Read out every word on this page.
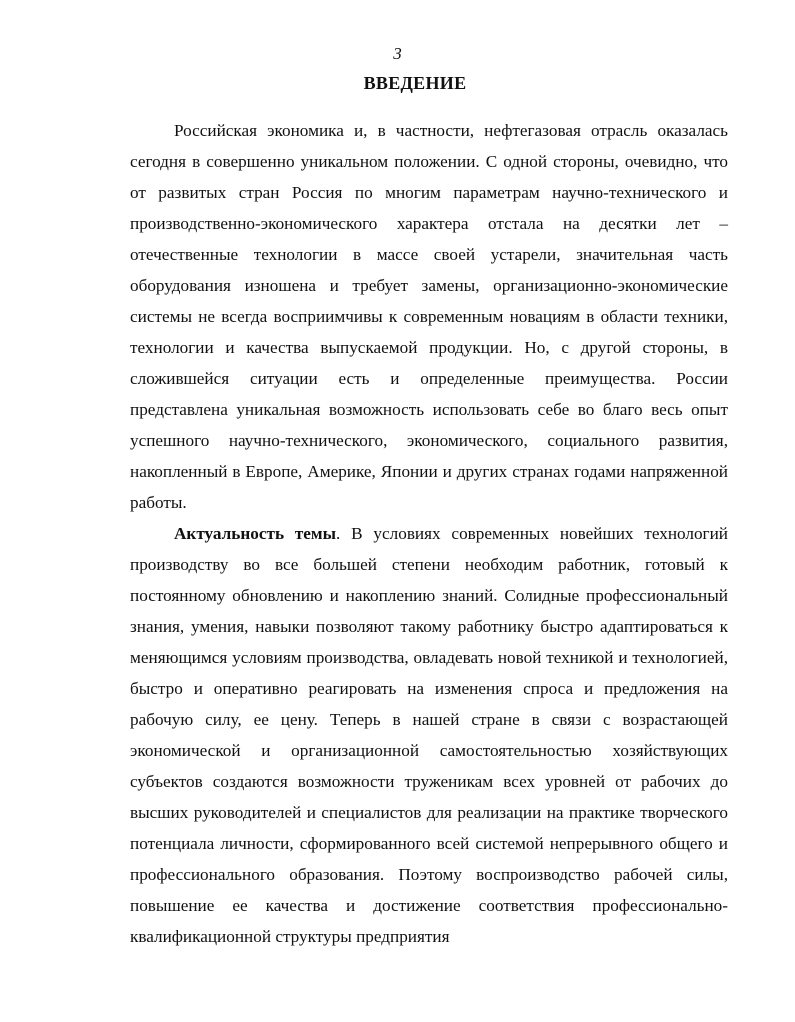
3
ВВЕДЕНИЕ

Российская экономика и, в частности, нефтегазовая отрасль оказалась сегодня в совершенно уникальном положении. С одной стороны, очевидно, что от развитых стран Россия по многим параметрам научно-технического и производственно-экономического характера отстала на десятки лет – отечественные технологии в массе своей устарели, значительная часть оборудования изношена и требует замены, организационно-экономические системы не всегда восприимчивы к современным новациям в области техники, технологии и качества выпускаемой продукции. Но, с другой стороны, в сложившейся ситуации есть и определенные преимущества. России представлена уникальная возможность использовать себе во благо весь опыт успешного научно-технического, экономического, социального развития, накопленный в Европе, Америке, Японии и других странах годами напряженной работы.

Актуальность темы. В условиях современных новейших технологий производству во все большей степени необходим работник, готовый к постоянному обновлению и накоплению знаний. Солидные профессиональный знания, умения, навыки позволяют такому работнику быстро адаптироваться к меняющимся условиям производства, овладевать новой техникой и технологией, быстро и оперативно реагировать на изменения спроса и предложения на рабочую силу, ее цену. Теперь в нашей стране в связи с возрастающей экономической и организационной самостоятельностью хозяйствующих субъектов создаются возможности труженикам всех уровней от рабочих до высших руководителей и специалистов для реализации на практике творческого потенциала личности, сформированного всей системой непрерывного общего и профессионального образования. Поэтому воспроизводство рабочей силы, повышение ее качества и достижение соответствия профессионально-квалификационной структуры предприятия
